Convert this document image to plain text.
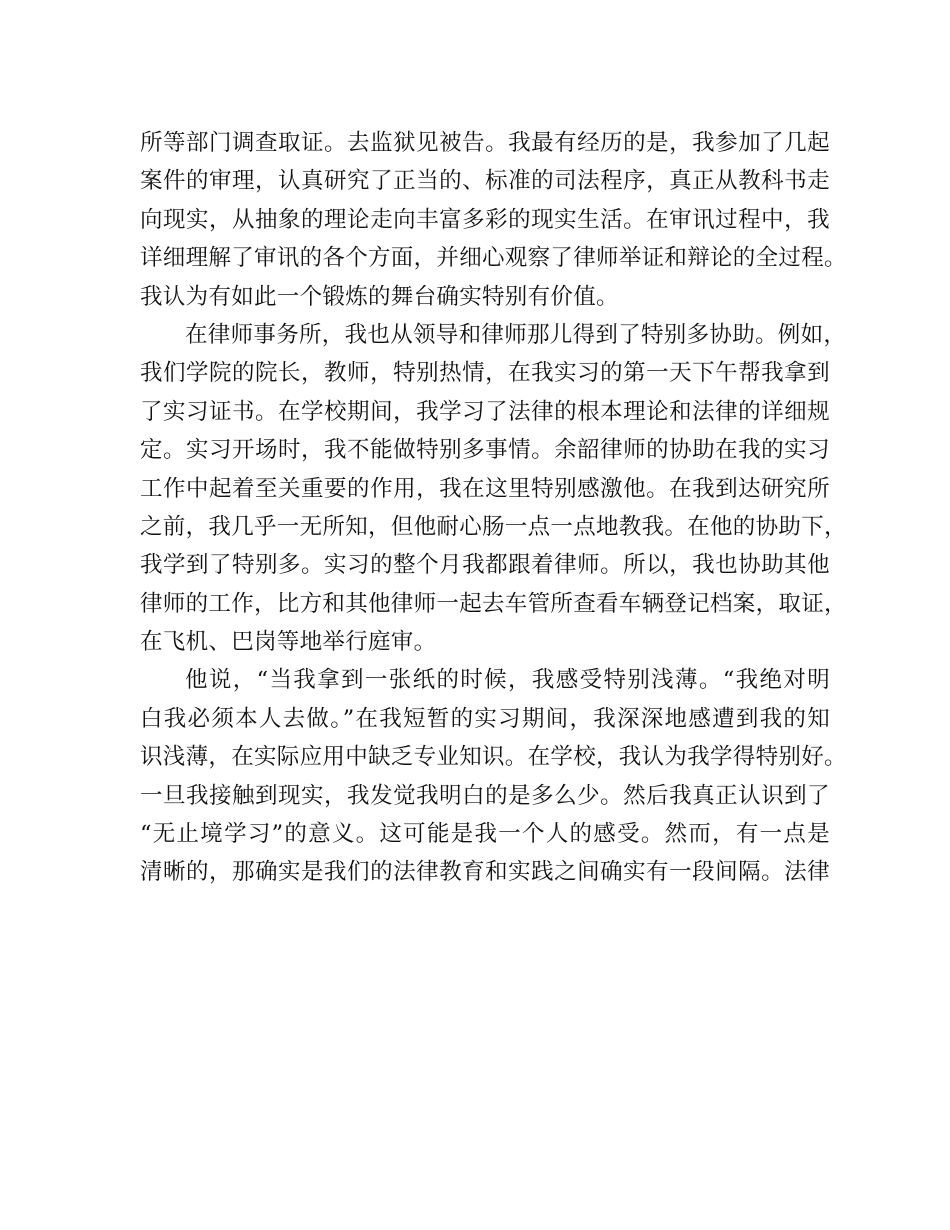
所等部门调查取证。去监狱见被告。我最有经历的是，我参加了几起
案件的审理，认真研究了正当的、标准的司法程序，真正从教科书走
向现实，从抽象的理论走向丰富多彩的现实生活。在审讯过程中，我
详细理解了审讯的各个方面，并细心观察了律师举证和辩论的全过程。
我认为有如此一个锻炼的舞台确实特别有价值。
在律师事务所，我也从领导和律师那儿得到了特别多协助。例如，
我们学院的院长，教师，特别热情，在我实习的第一天下午帮我拿到
了实习证书。在学校期间，我学习了法律的根本理论和法律的详细规
定。实习开场时，我不能做特别多事情。余韶律师的协助在我的实习
工作中起着至关重要的作用，我在这里特别感激他。在我到达研究所
之前，我几乎一无所知，但他耐心肠一点一点地教我。在他的协助下，
我学到了特别多。实习的整个月我都跟着律师。所以，我也协助其他
律师的工作，比方和其他律师一起去车管所查看车辆登记档案，取证，
在飞机、巴岗等地举行庭审。
他说，“当我拿到一张纸的时候，我感受特别浅薄。“我绝对明
白我必须本人去做。”在我短暂的实习期间，我深深地感遭到我的知
识浅薄，在实际应用中缺乏专业知识。在学校，我认为我学得特别好。
一旦我接触到现实，我发觉我明白的是多么少。然后我真正认识到了
“无止境学习”的意义。这可能是我一个人的感受。然而，有一点是
清晰的，那确实是我们的法律教育和实践之间确实有一段间隔。法律
